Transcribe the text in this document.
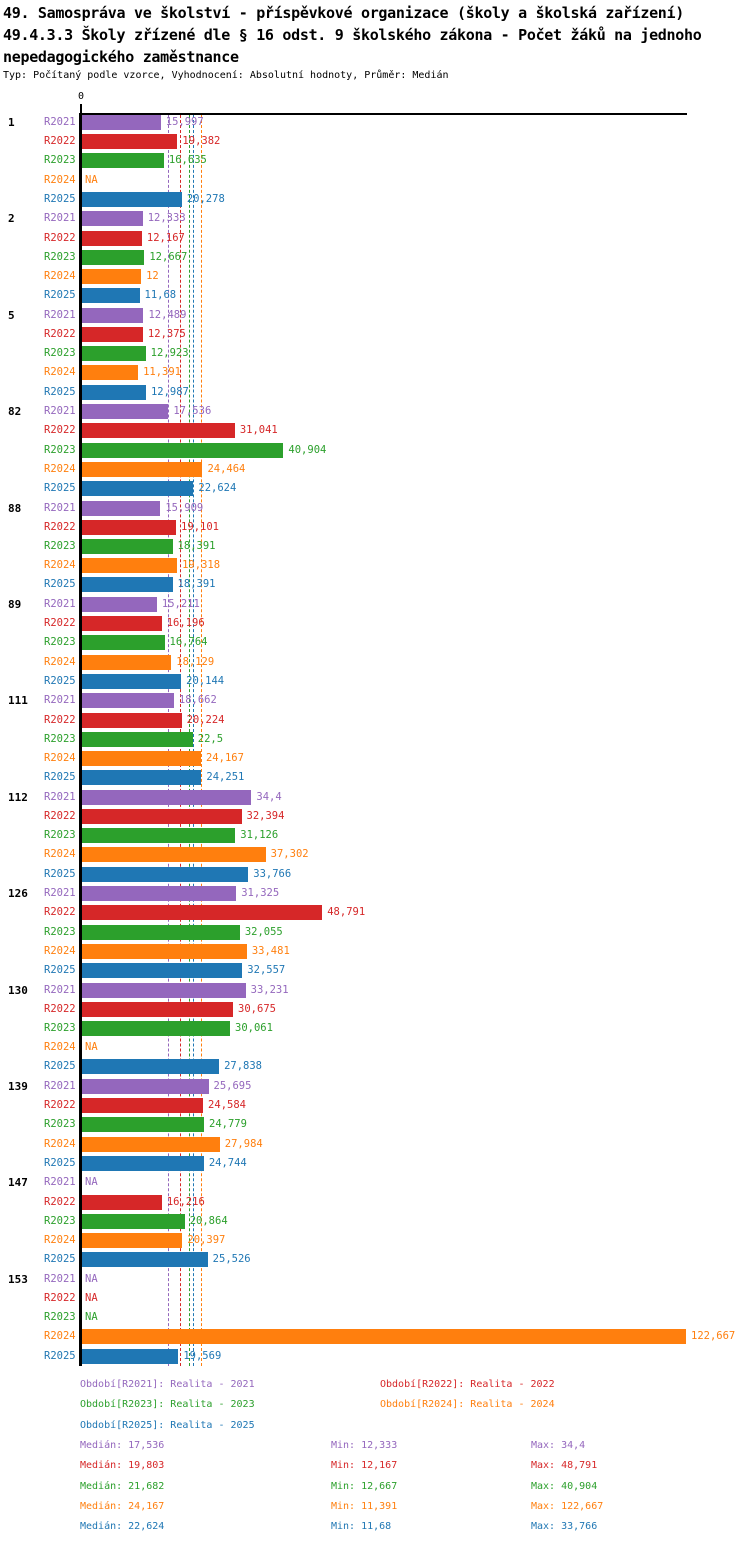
49. Samospráva ve školství - příspěvkové organizace (školy a školská zařízení)
49.4.3.3 Školy zřízené dle § 16 odst. 9 školského zákona - Počet žáků na jednoho
nepedagogického zaměstnance
Typ: Počítaný podle vzorce, Vyhodnocení: Absolutní hodnoty, Průměr: Medián
0
1	R2021	15,997
R2022	19,382
R2023	16,635
R2024 NA
R2025	20,278
2	R2021	12,333
R2022	12,167
R2023	12,667
R2024	12
R2025	11,68
5	R2021	12,489
R2022	12,375
R2023	12,923
R2024	11,391
R2025	12,987
82 R2021	17,536
R2022	31,041
R2023	40,904
R2024	24,464
R2025	22,624
88 R2021	15,909
R2022	19,101
R2023	18,391
R2024	19,318
R2025	18,391
89 R2021	15,211
R2022	16,196
R2023	16,764
R2024	18,129
R2025	20,144
111 R2021	18,662
R2022	20,224
R2023	22,5
R2024	24,167
R2025	24,251
112 R2021	34,4
R2022	32,394
R2023	31,126
R2024	37,302
R2025	33,766
126 R2021	31,325
R2022	48,791
R2023	32,055
R2024	33,481
R2025	32,557
130 R2021	33,231
R2022	30,675
R2023	30,061
R2024 NA
R2025	27,838
139 R2021	25,695
R2022	24,584
R2023	24,779
R2024	27,984
R2025	24,744
147 R2021 NA
R2022	16,216
R2023	20,864
R2024	20,397
R2025	25,526
153 R2021 NA
R2022 NA
R2023 NA
R2024	122,667
R2025	19,569
Období[R2021]: Realita - 2021	Období[R2022]: Realita - 2022
Období[R2023]: Realita - 2023	Období[R2024]: Realita - 2024
Období[R2025]: Realita - 2025
Medián: 17,536	Min: 12,333	Max: 34,4
Medián: 19,803	Min: 12,167	Max: 48,791
Medián: 21,682	Min: 12,667	Max: 40,904
Medián: 24,167	Min: 11,391	Max: 122,667
Medián: 22,624	Min: 11,68	Max: 33,766
